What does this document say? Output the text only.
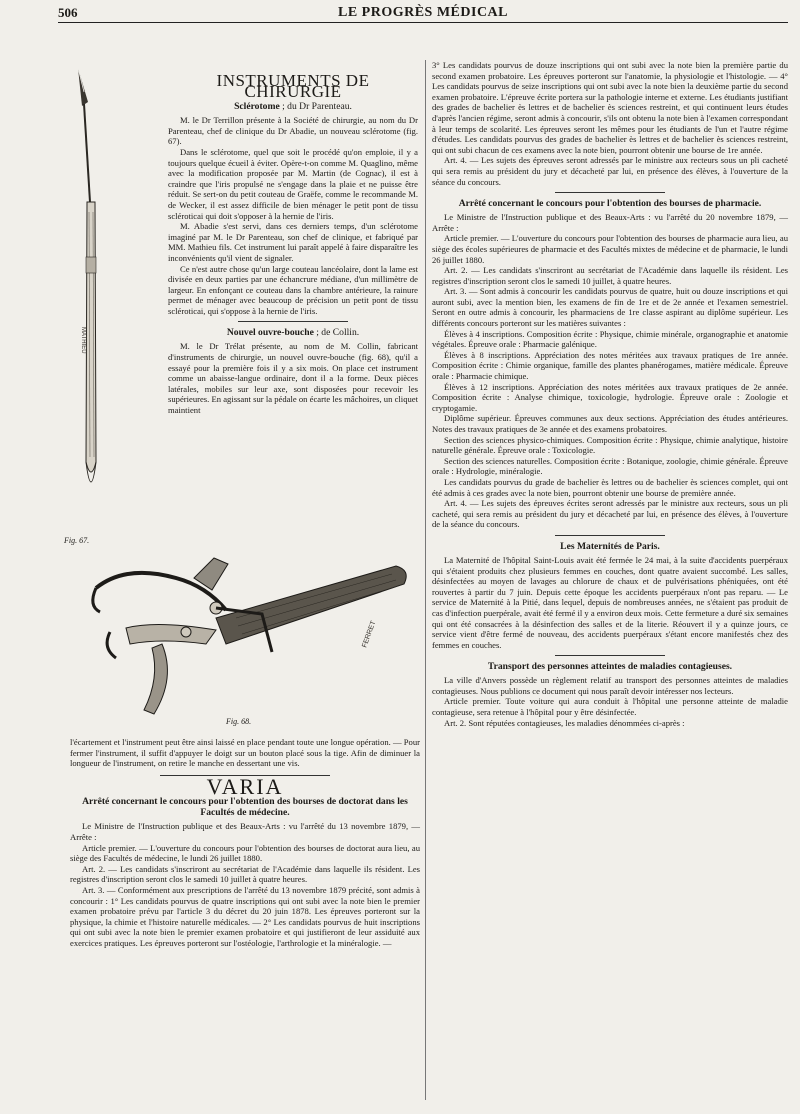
506	LE PROGRÈS MÉDICAL
MATHIEU
Fig. 67.
INSTRUMENTS DE CHIRURGIE
Sclérotome ; du Dr Parenteau.

M. le Dr Terrillon présente à la Société de chirurgie, au nom du Dr Parenteau, chef de clinique du Dr Abadie, un nouveau sclérotome (fig. 67).

Dans le sclérotome, quel que soit le procédé qu'on emploie, il y a toujours quelque écueil à éviter. Opère-t-on comme M. Quaglino, même avec la modification proposée par M. Martin (de Cognac), il est à craindre que l'iris propulsé ne s'engage dans la plaie et ne puisse être réduit. Se sert-on du petit couteau de Graëfe, comme le recommande M. de Wecker, il est assez difficile de bien ménager le petit pont de tissu scléroticai qui doit s'opposer à la hernie de l'iris.

M. Abadie s'est servi, dans ces derniers temps, d'un sclérotome imaginé par M. le Dr Parenteau, son chef de clinique, et fabriqué par MM. Mathieu fils. Cet instrument lui paraît appelé à faire disparaître les inconvénients qu'il vient de signaler.

Ce n'est autre chose qu'un large couteau lancéolaire, dont la lame est divisée en deux parties par une échancrure médiane, d'un millimètre de largeur. En enfonçant ce couteau dans la chambre antérieure, la rainure permet de ménager avec beaucoup de précision un petit pont de tissu scléroticai, qui s'oppose à la hernie de l'iris.

Nouvel ouvre-bouche ; de Collin.

M. le Dr Trélat présente, au nom de M. Collin, fabricant d'instruments de chirurgie, un nouvel ouvre-bouche (fig. 68), qu'il a essayé pour la première fois il y a six mois. On place cet instrument comme un abaisse-langue ordinaire, dont il a la forme. Deux pièces latérales, mobiles sur leur axe, sont disposées pour recevoir les supérieures. En agissant sur la pédale on écarte les mâchoires, un cliquet maintient

FERRET
Fig. 68.

l'écartement et l'instrument peut être ainsi laissé en place pendant toute une longue opération. — Pour fermer l'instrument, il suffit d'appuyer le doigt sur un bouton placé sous la tige. Afin de diminuer la longueur de l'instrument, on retire le manche en dessertant une vis.

VARIA
Arrêté concernant le concours pour l'obtention des bourses de doctorat dans les Facultés de médecine.

Le Ministre de l'Instruction publique et des Beaux-Arts : vu l'arrêté du 13 novembre 1879, — Arrête :

Article premier. — L'ouverture du concours pour l'obtention des bourses de doctorat aura lieu, au siège des Facultés de médecine, le lundi 26 juillet 1880.

Art. 2. — Les candidats s'inscriront au secrétariat de l'Académie dans laquelle ils résident. Les registres d'inscription seront clos le samedi 10 juillet à quatre heures.

Art. 3. — Conformément aux prescriptions de l'arrêté du 13 novembre 1879 précité, sont admis à concourir : 1° Les candidats pourvus de quatre inscriptions qui ont subi avec la note bien le premier examen probatoire prévu par l'article 3 du décret du 20 juin 1878. Les épreuves porteront sur la physique, la chimie et l'histoire naturelle médicales. — 2° Les candidats pourvus de huit inscriptions qui ont subi avec la note bien le premier examen probatoire et qui justifieront de leur assiduité aux exercices pratiques. Les épreuves porteront sur l'ostéologie, l'arthrologie et la minéralogie. —

3° Les candidats pourvus de douze inscriptions qui ont subi avec la note bien la première partie du second examen probatoire. Les épreuves porteront sur l'anatomie, la physiologie et l'histologie. — 4° Les candidats pourvus de seize inscriptions qui ont subi avec la note bien la deuxième partie du second examen probatoire. L'épreuve écrite portera sur la pathologie interne et externe. Les étudiants justifiant des grades de bachelier ès lettres et de bachelier ès sciences restreint, et qui continuent leurs études d'après l'ancien régime, seront admis à concourir, s'ils ont obtenu la note bien à l'examen correspondant à leur temps de scolarité. Les épreuves seront les mêmes pour les étudiants de l'un et l'autre régime d'études. Les candidats pourvus des grades de bachelier ès lettres et de bachelier ès sciences restreint, qui ont subi chacun de ces examens avec la note bien, pourront obtenir une bourse de 1re année.

Art. 4. — Les sujets des épreuves seront adressés par le ministre aux recteurs sous un pli cacheté qui sera remis au président du jury et décacheté par lui, en présence des élèves, à l'ouverture de la séance du concours.

Arrêté concernant le concours pour l'obtention des bourses de pharmacie.

Le Ministre de l'Instruction publique et des Beaux-Arts : vu l'arrêté du 20 novembre 1879, — Arrête :

Article premier. — L'ouverture du concours pour l'obtention des bourses de pharmacie aura lieu, au siège des écoles supérieures de pharmacie et des Facultés mixtes de médecine et de pharmacie, le lundi 26 juillet 1880.

Art. 2. — Les candidats s'inscriront au secrétariat de l'Académie dans laquelle ils résident. Les registres d'inscription seront clos le samedi 10 juillet, à quatre heures.

Art. 3. — Sont admis à concourir les candidats pourvus de quatre, huit ou douze inscriptions et qui auront subi, avec la mention bien, les examens de fin de 1re et de 2e année et l'examen semestriel. Seront en outre admis à concourir, les pharmaciens de 1re classe aspirant au diplôme supérieur. Les différents concours porteront sur les matières suivantes :

Élèves à 4 inscriptions. Composition écrite : Physique, chimie minérale, organographie et anatomie végétales. Épreuve orale : Pharmacie galénique.

Élèves à 8 inscriptions. Appréciation des notes méritées aux travaux pratiques de 1re année. Composition écrite : Chimie organique, famille des plantes phanérogames, matière médicale. Épreuve orale : Pharmacie chimique.

Élèves à 12 inscriptions. Appréciation des notes méritées aux travaux pratiques de 2e année. Composition écrite : Analyse chimique, toxicologie, hydrologie. Épreuve orale : Zoologie et cryptogamie.

Diplôme supérieur. Épreuves communes aux deux sections. Appréciation des études antérieures. Notes des travaux pratiques de 3e année et des examens probatoires.

Section des sciences physico-chimiques. Composition écrite : Physique, chimie analytique, histoire naturelle générale. Épreuve orale : Toxicologie.

Section des sciences naturelles. Composition écrite : Botanique, zoologie, chimie générale. Épreuve orale : Hydrologie, minéralogie.

Les candidats pourvus du grade de bachelier ès lettres ou de bachelier ès sciences complet, qui ont été admis à ces grades avec la note bien, pourront obtenir une bourse de première année.

Art. 4. — Les sujets des épreuves écrites seront adressés par le ministre aux recteurs, sous un pli cacheté, qui sera remis au président du jury et décacheté par lui, en présence des élèves, à l'ouverture de la séance du concours.

Les Maternités de Paris.

La Maternité de l'hôpital Saint-Louis avait été fermée le 24 mai, à la suite d'accidents puerpéraux qui s'étaient produits chez plusieurs femmes en couches, dont quatre avaient succombé. Les salles, désinfectées au moyen de lavages au chlorure de chaux et de pulvérisations phéniquées, ont été rouvertes à partir du 7 juin. Depuis cette époque les accidents puerpéraux n'ont pas reparu. — Le service de Maternité à la Pitié, dans lequel, depuis de nombreuses années, ne s'étaient pas produit de cas d'infection puerpérale, avait été fermé il y a environ deux mois. Cette fermeture a duré six semaines qui ont été consacrées à la désinfection des salles et de la literie. Réouvert il y a quinze jours, ce service vient d'être fermé de nouveau, des accidents puerpéraux s'étant encore manifestés chez des femmes en couches.

Transport des personnes atteintes de maladies contagieuses.

La ville d'Anvers possède un règlement relatif au transport des personnes atteintes de maladies contagieuses. Nous publions ce document qui nous paraît devoir intéresser nos lecteurs.

Article premier. Toute voiture qui aura conduit à l'hôpital une personne atteinte de maladie contagieuse, sera retenue à l'hôpital pour y être désinfectée.

Art. 2. Sont réputées contagieuses, les maladies dénommées ci-après :
